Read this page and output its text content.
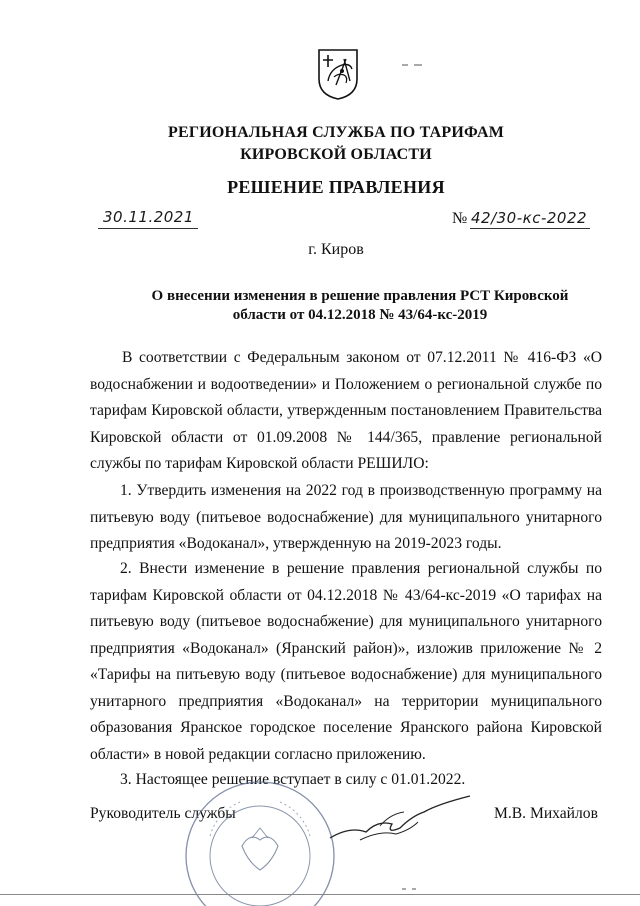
РЕГИОНАЛЬНАЯ СЛУЖБА ПО ТАРИФАМ
КИРОВСКОЙ ОБЛАСТИ
РЕШЕНИЕ ПРАВЛЕНИЯ
30.11.2021	№ 42/30-кс-2022
г. Киров
О внесении изменения в решение правления РСТ Кировской области от 04.12.2018 № 43/64-кс-2019
В соответствии с Федеральным законом от 07.12.2011 № 416-ФЗ «О водоснабжении и водоотведении» и Положением о региональной службе по тарифам Кировской области, утвержденным постановлением Правительства Кировской области от 01.09.2008 № 144/365, правление региональной службы по тарифам Кировской области РЕШИЛО:
1. Утвердить изменения на 2022 год в производственную программу на питьевую воду (питьевое водоснабжение) для муниципального унитарного предприятия «Водоканал», утвержденную на 2019-2023 годы.
2. Внести изменение в решение правления региональной службы по тарифам Кировской области от 04.12.2018 № 43/64-кс-2019 «О тарифах на питьевую воду (питьевое водоснабжение) для муниципального унитарного предприятия «Водоканал» (Яранский район)», изложив приложение № 2 «Тарифы на питьевую воду (питьевое водоснабжение) для муниципального унитарного предприятия «Водоканал» на территории муниципального образования Яранское городское поселение Яранского района Кировской области» в новой редакции согласно приложению.
3. Настоящее решение вступает в силу с 01.01.2022.
Руководитель службы	М.В. Михайлов
